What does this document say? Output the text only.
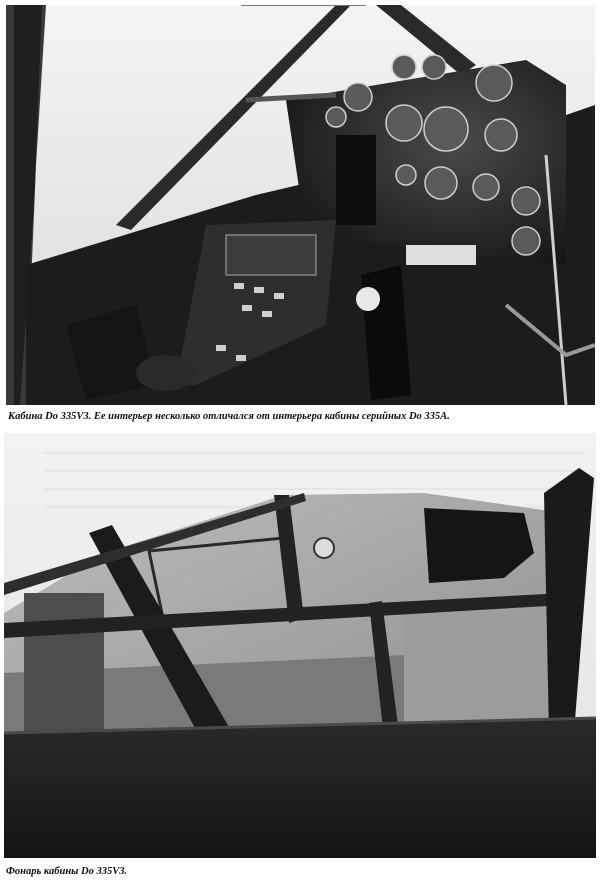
Кабина Do 335V3. Ее интерьер несколько отличался от интерьера кабины серийных Do 335A.
Фонарь кабины Do 335V3.
